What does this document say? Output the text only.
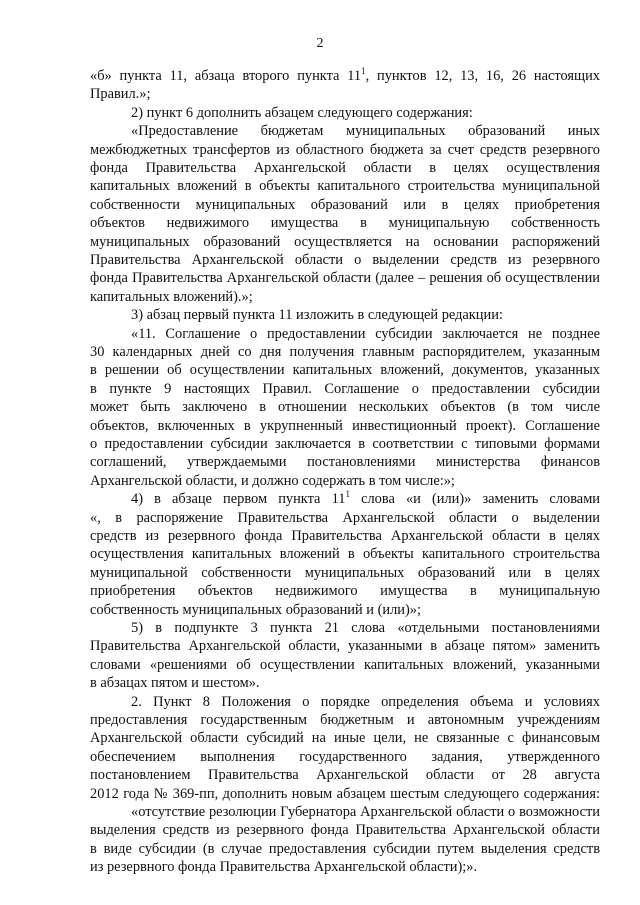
2
«б» пункта 11, абзаца второго пункта $11^1$, пунктов 12, 13, 16, 26 настоящих
Правил.»;
2) пункт 6 дополнить абзацем следующего содержания:
«Предоставление бюджетам муниципальных образований иных
межбюджетных трансфертов из областного бюджета за счет средств резервного
фонда Правительства Архангельской области в целях осуществления
капитальных вложений в объекты капитального строительства муниципальной
собственности муниципальных образований или в целях приобретения
объектов недвижимого имущества в муниципальную собственность
муниципальных образований осуществляется на основании распоряжений
Правительства Архангельской области о выделении средств из резервного
фонда Правительства Архангельской области (далее – решения об осуществлении
капитальных вложений).»;
3) абзац первый пункта 11 изложить в следующей редакции:
«11. Соглашение о предоставлении субсидии заключается не позднее
30 календарных дней со дня получения главным распорядителем, указанным
в решении об осуществлении капитальных вложений, документов, указанных
в пункте 9 настоящих Правил. Соглашение о предоставлении субсидии
может быть заключено в отношении нескольких объектов (в том числе
объектов, включенных в укрупненный инвестиционный проект). Соглашение
о предоставлении субсидии заключается в соответствии с типовыми формами
соглашений, утверждаемыми постановлениями министерства финансов
Архангельской области, и должно содержать в том числе:»;
4) в абзаце первом пункта $11^1$ слова «и (или)» заменить словами
«, в распоряжение Правительства Архангельской области о выделении
средств из резервного фонда Правительства Архангельской области в целях
осуществления капитальных вложений в объекты капитального строительства
муниципальной собственности муниципальных образований или в целях
приобретения объектов недвижимого имущества в муниципальную
собственность муниципальных образований и (или)»;
5) в подпункте 3 пункта 21 слова «отдельными постановлениями
Правительства Архангельской области, указанными в абзаце пятом» заменить
словами «решениями об осуществлении капитальных вложений, указанными
в абзацах пятом и шестом».
2. Пункт 8 Положения о порядке определения объема и условиях
предоставления государственным бюджетным и автономным учреждениям
Архангельской области субсидий на иные цели, не связанные с финансовым
обеспечением выполнения государственного задания, утвержденного
постановлением Правительства Архангельской области от 28 августа
2012 года № 369-пп, дополнить новым абзацем шестым следующего содержания:
«отсутствие резолюции Губернатора Архангельской области о возможности
выделения средств из резервного фонда Правительства Архангельской области
в виде субсидии (в случае предоставления субсидии путем выделения средств
из резервного фонда Правительства Архангельской области);».
